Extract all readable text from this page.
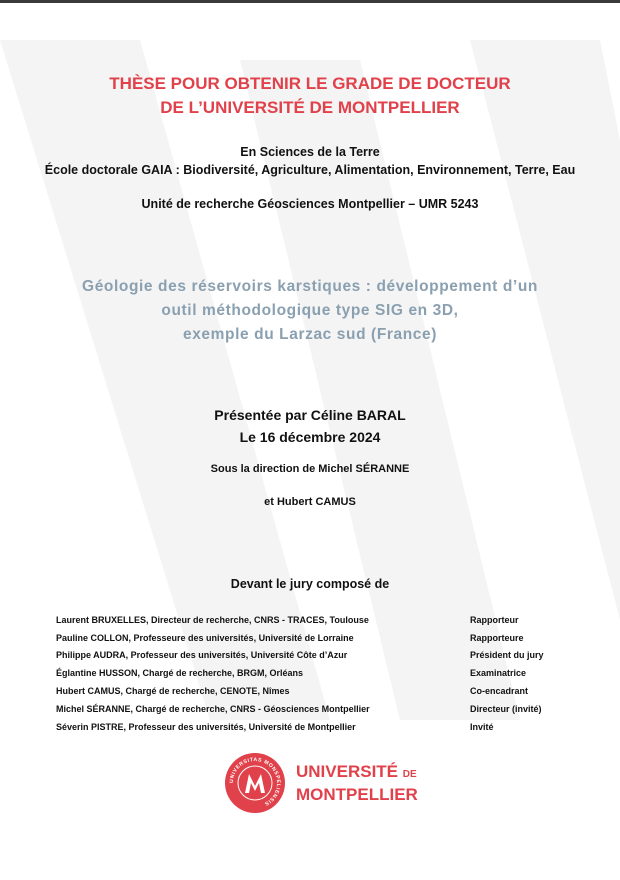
THÈSE POUR OBTENIR LE GRADE DE DOCTEUR
DE L’UNIVERSITÉ DE MONTPELLIER
En Sciences de la Terre
École doctorale GAIA : Biodiversité, Agriculture, Alimentation, Environnement, Terre, Eau
Unité de recherche Géosciences Montpellier – UMR 5243
Géologie des réservoirs karstiques : développement d’un
outil méthodologique type SIG en 3D,
exemple du Larzac sud (France)
Présentée par Céline BARAL
Le 16 décembre 2024
Sous la direction de Michel SÉRANNE
et Hubert CAMUS
Devant le jury composé de
Laurent BRUXELLES, Directeur de recherche, CNRS - TRACES, Toulouse	Rapporteur
Pauline COLLON, Professeure des universités, Université de Lorraine	Rapporteure
Philippe AUDRA, Professeur des universités, Université Côte d’Azur	Président du jury
Églantine HUSSON, Chargé de recherche, BRGM, Orléans	Examinatrice
Hubert CAMUS, Chargé de recherche, CENOTE, Nîmes	Co-encadrant
Michel SÉRANNE, Chargé de recherche, CNRS - Géosciences Montpellier	Directeur (invité)
Séverin PISTRE, Professeur des universités, Université de Montpellier	Invité
UNIVERSITAS MONSPELIENSIS
UNIVERSITÉ DE
MONTPELLIER
